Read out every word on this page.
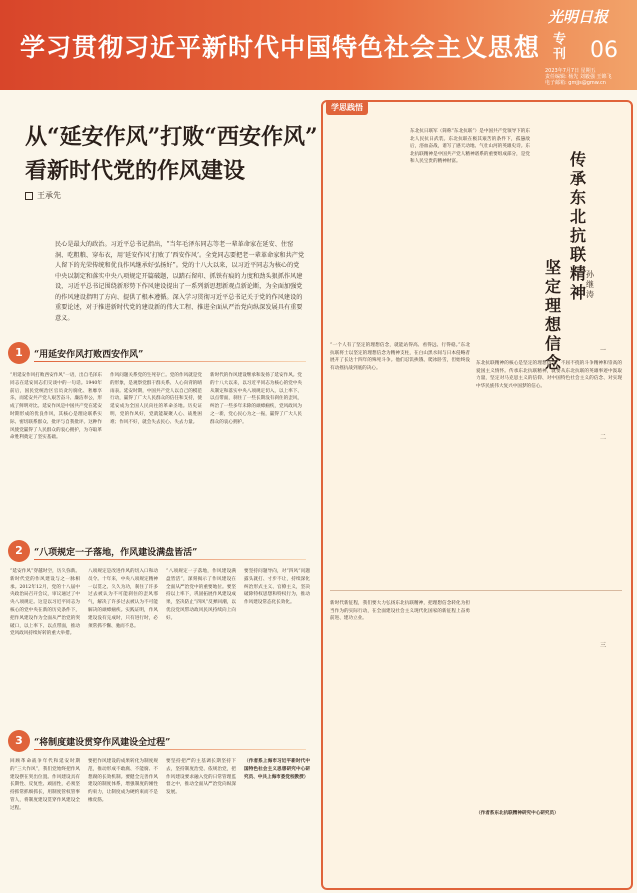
学习贯彻习近平新时代中国特色社会主义思想 专刊
光明日报
06
2023年7月7日 星期五
责任编辑: 杨先 刘毅强 王锦飞
电子邮箱: gmjjs@gmw.cn
从“延安作风”打败“西安作风”
看新时代党的作风建设
王承先
民心是最大的政治。习近平总书记指出，“当年毛泽东同志等老一辈革命家在延安、住窑洞、吃粗粮、穿布衣，用‘延安作风’打败了‘西安作风’。全党同志要把老一辈革命家和共产党人留下的光荣传统和优良作风继承好弘扬好”。党的十八大以来，以习近平同志为核心的党中央以制定和落实中央八项规定开篇破题，以踏石留印、抓铁有痕的力度和劲头狠抓作风建设，习近平总书记围绕新形势下作风建设提出了一系列新思想新观点新论断，为全面加强党的作风建设指明了方向、提供了根本遵循。深入学习贯彻习近平总书记关于党的作风建设的重要论述，对于推进新时代党的建设新的伟大工程、推进全面从严治党向纵深发展具有重要意义。
1	“用延安作风打败西安作风”
“用延安作风打败西安作风”一语，出自毛泽东同志在延安同志们交谈中的一句话。1940年前后，国民党统治区官员贪污腐化、奢靡享乐，而延安共产党人艰苦奋斗、廉洁奉公，形成了鲜明对比。延安作风是中国共产党在延安时期形成的优良作风，其核心是理论联系实际、密切联系群众、批评与自我批评。这种作风使党赢得了人民群众的衷心拥护，为夺取革命胜利奠定了坚实基础。
作风问题关系党的生死存亡。党的作风就是党的形象，是观察党群干群关系、人心向背的晴雨表。延安时期，中国共产党人以自己的模范行动，赢得了广大人民群众的信任和支持，使延安成为全国人民向往的革命圣地。历史证明，党的作风好，党就能凝聚人心、战胜困难；作风不好，就会失去民心、失去力量。
新时代的作风建设继承和发扬了延安作风。党的十八大以来，以习近平同志为核心的党中央从制定和落实中央八项规定切入，以上率下、以点带面，刹住了一些长期没有刹住的歪风，纠治了一些多年未除的顽瘴痼疾，党风政风为之一新，党心民心为之一振，赢得了广大人民群众的衷心拥护。
2	“八项规定一子落地，作风建设满盘皆活”
“延安作风”穿越时空，历久弥新。新时代党的作风建设与之一脉相承。2012年12月，党的十八届中央政治局召开会议，审议通过了中央八项规定。这是以习近平同志为核心的党中央在新的历史条件下，把作风建设作为全面从严治党的突破口，以上率下、以点带面，推动党风政风持续好转的重大举措。
八项规定是改进作风的切入口和动员令。十年来，中央八项规定精神一以贯之、久久为功，刹住了许多过去被认为不可能刹住的歪风邪气，解决了许多过去被认为不可能解决的顽瘴痼疾。实践证明，作风建设没有完成时，只有进行时，必须常抓不懈、驰而不息。
“八项规定一子落地，作风建设满盘皆活”，深刻揭示了作风建设在全面从严治党中的重要地位。要坚持以上率下，巩固拓展作风建设成果，坚决防止“四风”反弹回潮，以优良党风带动政风民风持续向上向好。
要坚持问题导向，对“四风”问题露头就打、寸步不让，持续深化纠治形式主义、官僚主义，坚决破除特权思想和特权行为，推动作风建设常态化长效化。
3	“将制度建设贯穿作风建设全过程”
回顾革命战争年代和延安时期的“三大作风”，我们党始终把作风建设摆在突出位置。作风建设具有长期性、反复性、顽固性，必须坚持抓常抓细抓长，用制度管权管事管人，将制度建设贯穿作风建设全过程。
要把作风建设的成果转化为制度规范，推动形成不敢腐、不能腐、不想腐的长效机制。要健全完善作风建设的制度体系，增强制度的刚性约束力，让制度成为硬约束而不是橡皮筋。
要坚持把严的主基调长期坚持下去，坚持制度治党、依规治党，把作风建设要求融入党的日常管理监督之中，推动全面从严治党向纵深发展。
（作者系上海市习近平新时代中国特色社会主义思想研究中心研究员、中共上海市委党校教授）
学思践悟
传承东北抗联精神
坚定理想信念
孙继涛
东北抗日联军（简称“东北抗联”）是中国共产党领导下的东北人民抗日武装。东北抗联在极其艰苦的条件下，孤悬敌后，浴血奋战，谱写了感天动地、气壮山河的英雄史诗。东北抗联精神是中国共产党人精神谱系的重要组成部分，是党和人民宝贵的精神财富。
“一个人有了坚定的理想信念，就能站得高、看得远、行得稳。”东北抗联将士以坚定的理想信念为精神支柱，在白山黑水间与日本侵略者展开了长达十四年的殊死斗争。他们忍饥挨饿、爬冰卧雪，但始终没有动摇抗战到底的决心。
一
东北抗联精神的核心是坚定的理想信念、不屈不挠的斗争精神和崇高的爱国主义情怀。传承东北抗联精神，就要从东北抗联的英雄事迹中汲取力量，坚定对马克思主义的信仰、对中国特色社会主义的信念、对实现中华民族伟大复兴中国梦的信心。
二
新时代新征程，我们要大力弘扬东北抗联精神，把理想信念转化为担当作为的实际行动，在全面建设社会主义现代化国家的新征程上奋勇前进、建功立业。
三
（作者系东北抗联精神研究中心研究员）
